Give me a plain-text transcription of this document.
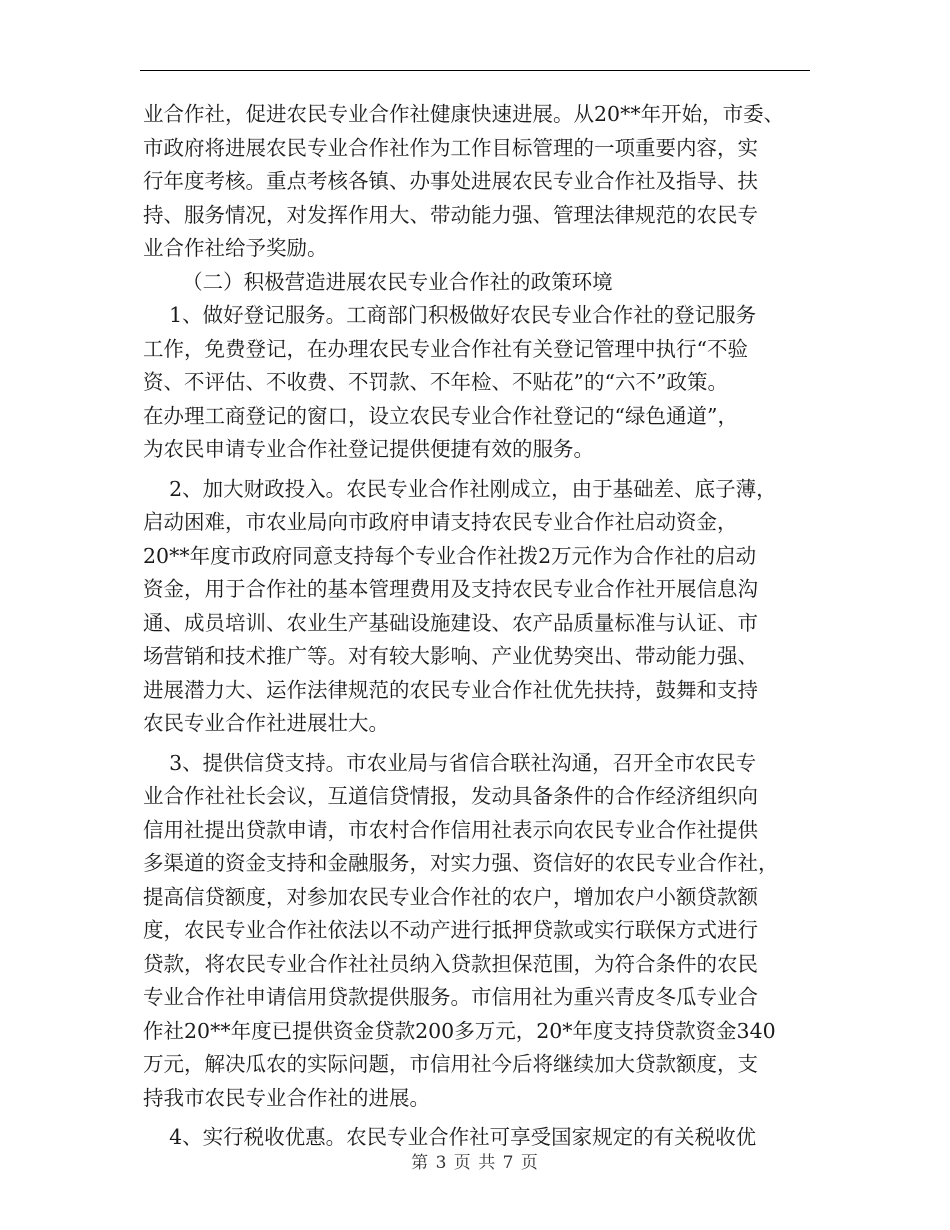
业合作社，促进农民专业合作社健康快速进展。从20**年开始，市委、
市政府将进展农民专业合作社作为工作目标管理的一项重要内容，实
行年度考核。重点考核各镇、办事处进展农民专业合作社及指导、扶
持、服务情况，对发挥作用大、带动能力强、管理法律规范的农民专
业合作社给予奖励。
（二）积极营造进展农民专业合作社的政策环境
1、做好登记服务。工商部门积极做好农民专业合作社的登记服务
工作，免费登记，在办理农民专业合作社有关登记管理中执行“不验
资、不评估、不收费、不罚款、不年检、不贴花”的“六不”政策。
在办理工商登记的窗口，设立农民专业合作社登记的“绿色通道”，
为农民申请专业合作社登记提供便捷有效的服务。
2、加大财政投入。农民专业合作社刚成立，由于基础差、底子薄，
启动困难，市农业局向市政府申请支持农民专业合作社启动资金，
20**年度市政府同意支持每个专业合作社拨2万元作为合作社的启动
资金，用于合作社的基本管理费用及支持农民专业合作社开展信息沟
通、成员培训、农业生产基础设施建设、农产品质量标准与认证、市
场营销和技术推广等。对有较大影响、产业优势突出、带动能力强、
进展潜力大、运作法律规范的农民专业合作社优先扶持，鼓舞和支持
农民专业合作社进展壮大。
3、提供信贷支持。市农业局与省信合联社沟通，召开全市农民专
业合作社社长会议，互道信贷情报，发动具备条件的合作经济组织向
信用社提出贷款申请，市农村合作信用社表示向农民专业合作社提供
多渠道的资金支持和金融服务，对实力强、资信好的农民专业合作社，
提高信贷额度，对参加农民专业合作社的农户，增加农户小额贷款额
度，农民专业合作社依法以不动产进行抵押贷款或实行联保方式进行
贷款，将农民专业合作社社员纳入贷款担保范围，为符合条件的农民
专业合作社申请信用贷款提供服务。市信用社为重兴青皮冬瓜专业合
作社20**年度已提供资金贷款200多万元，20*年度支持贷款资金340
万元，解决瓜农的实际问题，市信用社今后将继续加大贷款额度，支
持我市农民专业合作社的进展。
4、实行税收优惠。农民专业合作社可享受国家规定的有关税收优
第 3 页 共 7 页
